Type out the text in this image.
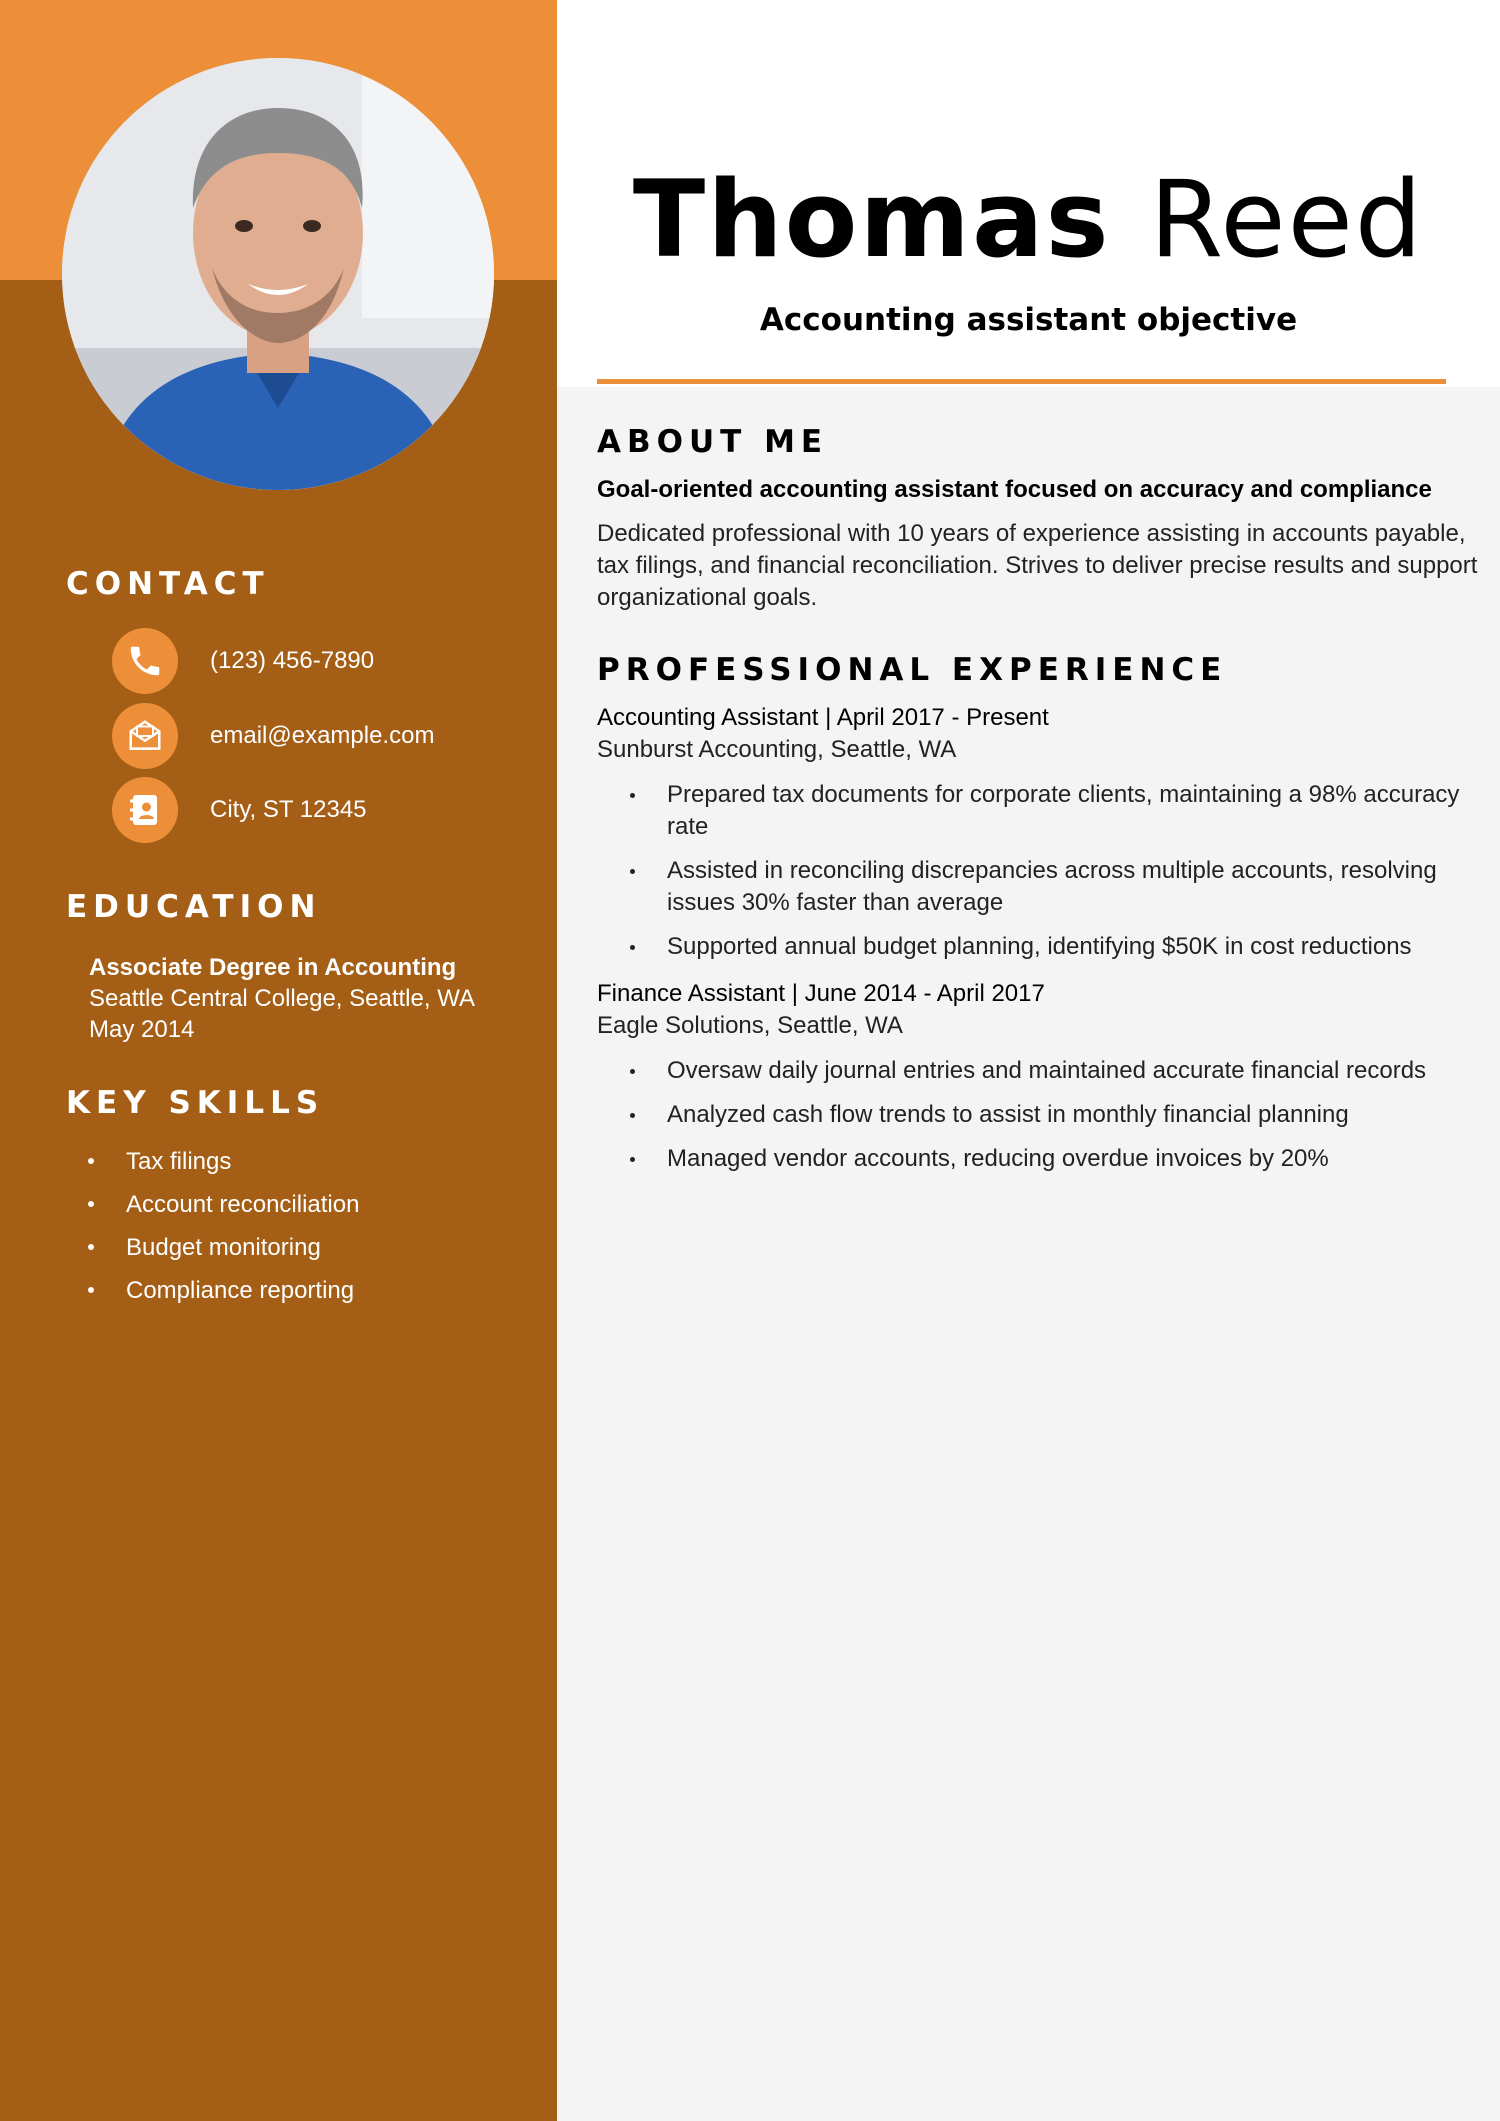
CONTACT
(123) 456-7890
email@example.com
City, ST 12345
EDUCATION
Associate Degree in Accounting
Seattle Central College, Seattle, WA
May 2014
KEY SKILLS
Tax filings
Account reconciliation
Budget monitoring
Compliance reporting
Thomas Reed
Accounting assistant objective
ABOUT ME
Goal-oriented accounting assistant focused on accuracy and compliance
Dedicated professional with 10 years of experience assisting in accounts payable, tax filings, and financial reconciliation. Strives to deliver precise results and support organizational goals.
PROFESSIONAL EXPERIENCE
Accounting Assistant | April 2017 - Present
Sunburst Accounting, Seattle, WA
Prepared tax documents for corporate clients, maintaining a 98% accuracy rate
Assisted in reconciling discrepancies across multiple accounts, resolving issues 30% faster than average
Supported annual budget planning, identifying $50K in cost reductions
Finance Assistant | June 2014 - April 2017
Eagle Solutions, Seattle, WA
Oversaw daily journal entries and maintained accurate financial records
Analyzed cash flow trends to assist in monthly financial planning
Managed vendor accounts, reducing overdue invoices by 20%
